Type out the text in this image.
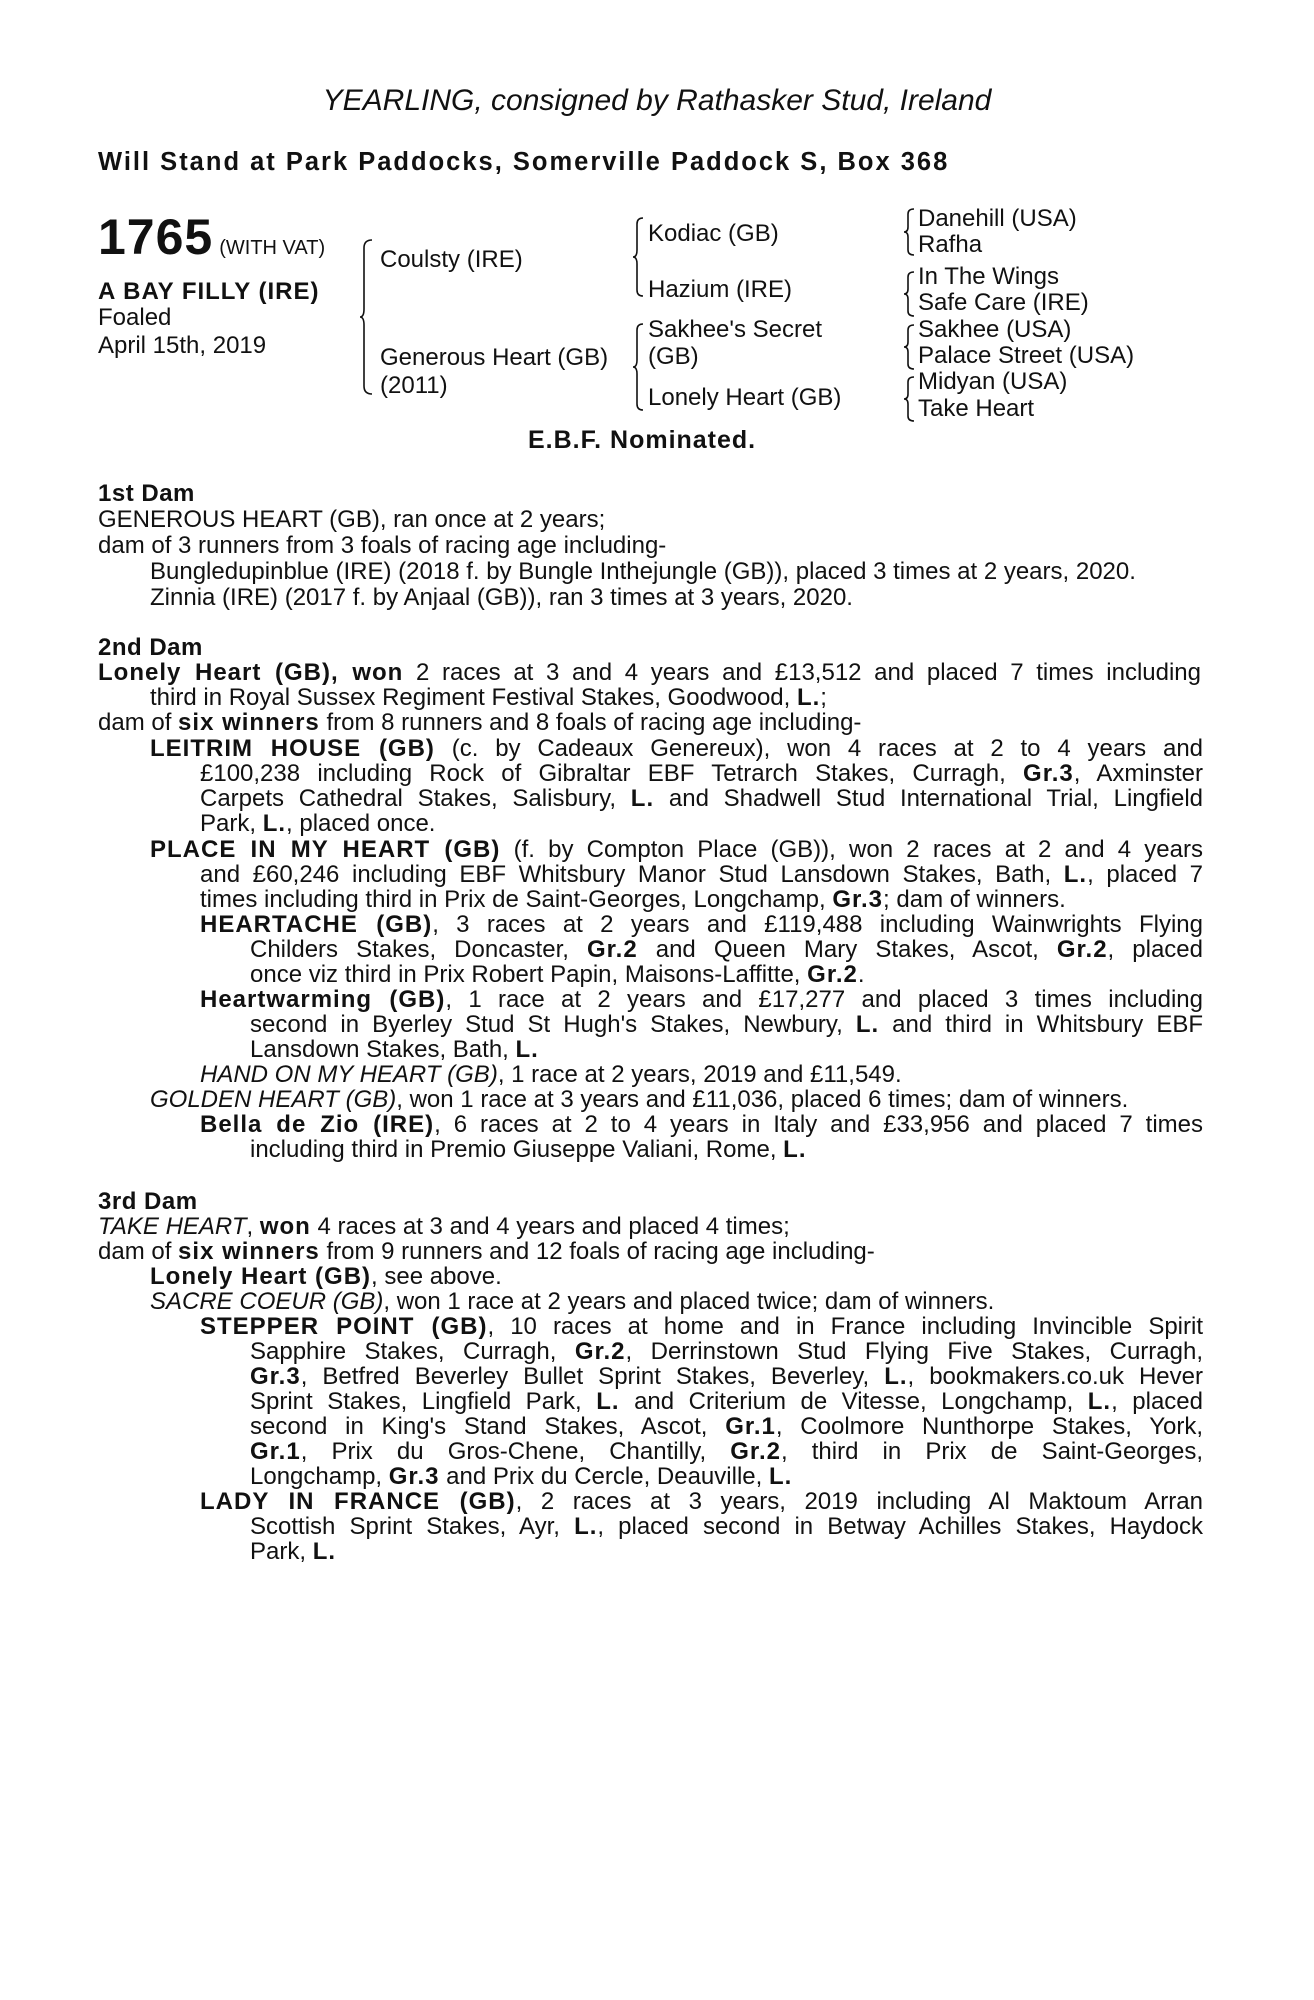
YEARLING, consigned by Rathasker Stud, Ireland
Will Stand at Park Paddocks, Somerville Paddock S, Box 368
1765 (WITH VAT)
A BAY FILLY (IRE)
Foaled
April 15th, 2019
Coulsty (IRE)
Generous Heart (GB)
(2011)
Kodiac (GB)
Hazium (IRE)
Sakhee's Secret
(GB)
Lonely Heart (GB)
Danehill (USA)
Rafha
In The Wings
Safe Care (IRE)
Sakhee (USA)
Palace Street (USA)
Midyan (USA)
Take Heart
E.B.F. Nominated.
1st Dam
GENEROUS HEART (GB), ran once at 2 years;
dam of 3 runners from 3 foals of racing age including-
Bungledupinblue (IRE) (2018 f. by Bungle Inthejungle (GB)), placed 3 times at 2 years, 2020.
Zinnia (IRE) (2017 f. by Anjaal (GB)), ran 3 times at 3 years, 2020.
2nd Dam
Lonely Heart (GB), won 2 races at 3 and 4 years and £13,512 and placed 7 times including
third in Royal Sussex Regiment Festival Stakes, Goodwood, L.;
dam of six winners from 8 runners and 8 foals of racing age including-
LEITRIM HOUSE (GB) (c. by Cadeaux Genereux), won 4 races at 2 to 4 years and
£100,238 including Rock of Gibraltar EBF Tetrarch Stakes, Curragh, Gr.3, Axminster
Carpets Cathedral Stakes, Salisbury, L. and Shadwell Stud International Trial, Lingfield
Park, L., placed once.
PLACE IN MY HEART (GB) (f. by Compton Place (GB)), won 2 races at 2 and 4 years
and £60,246 including EBF Whitsbury Manor Stud Lansdown Stakes, Bath, L., placed 7
times including third in Prix de Saint-Georges, Longchamp, Gr.3; dam of winners.
HEARTACHE (GB), 3 races at 2 years and £119,488 including Wainwrights Flying
Childers Stakes, Doncaster, Gr.2 and Queen Mary Stakes, Ascot, Gr.2, placed
once viz third in Prix Robert Papin, Maisons-Laffitte, Gr.2.
Heartwarming (GB), 1 race at 2 years and £17,277 and placed 3 times including
second in Byerley Stud St Hugh's Stakes, Newbury, L. and third in Whitsbury EBF
Lansdown Stakes, Bath, L.
HAND ON MY HEART (GB), 1 race at 2 years, 2019 and £11,549.
GOLDEN HEART (GB), won 1 race at 3 years and £11,036, placed 6 times; dam of winners.
Bella de Zio (IRE), 6 races at 2 to 4 years in Italy and £33,956 and placed 7 times
including third in Premio Giuseppe Valiani, Rome, L.
3rd Dam
TAKE HEART, won 4 races at 3 and 4 years and placed 4 times;
dam of six winners from 9 runners and 12 foals of racing age including-
Lonely Heart (GB), see above.
SACRE COEUR (GB), won 1 race at 2 years and placed twice; dam of winners.
STEPPER POINT (GB), 10 races at home and in France including Invincible Spirit
Sapphire Stakes, Curragh, Gr.2, Derrinstown Stud Flying Five Stakes, Curragh,
Gr.3, Betfred Beverley Bullet Sprint Stakes, Beverley, L., bookmakers.co.uk Hever
Sprint Stakes, Lingfield Park, L. and Criterium de Vitesse, Longchamp, L., placed
second in King's Stand Stakes, Ascot, Gr.1, Coolmore Nunthorpe Stakes, York,
Gr.1, Prix du Gros-Chene, Chantilly, Gr.2, third in Prix de Saint-Georges,
Longchamp, Gr.3 and Prix du Cercle, Deauville, L.
LADY IN FRANCE (GB), 2 races at 3 years, 2019 including Al Maktoum Arran
Scottish Sprint Stakes, Ayr, L., placed second in Betway Achilles Stakes, Haydock
Park, L.
